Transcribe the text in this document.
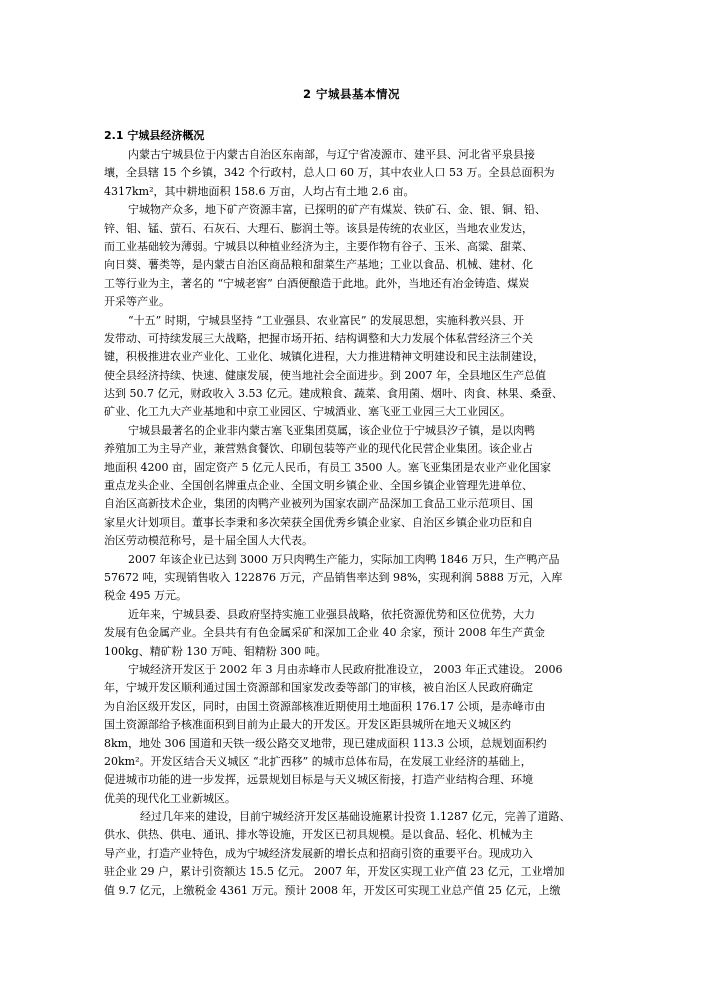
2 宁城县基本情况
2.1 宁城县经济概况
内蒙古宁城县位于内蒙古自治区东南部，与辽宁省凌源市、建平县、河北省平泉县接
壤，全县辖 15 个乡镇，342 个行政村，总人口 60 万，其中农业人口 53 万。全县总面积为
4317km²，其中耕地面积 158.6 万亩，人均占有土地 2.6 亩。
宁城物产众多，地下矿产资源丰富，已探明的矿产有煤炭、铁矿石、金、银、铜、铅、
锌、钼、锰、萤石、石灰石、大理石、膨润土等。该县是传统的农业区，当地农业发达，
而工业基础较为薄弱。宁城县以种植业经济为主，主要作物有谷子、玉米、高粱、甜菜、
向日葵、薯类等，是内蒙古自治区商品粮和甜菜生产基地；工业以食品、机械、建材、化
工等行业为主，著名的 “宁城老窖” 白酒便酿造于此地。此外，当地还有冶金铸造、煤炭
开采等产业。
“十五” 时期，宁城县坚持 “工业强县、农业富民” 的发展思想，实施科教兴县、开
发带动、可持续发展三大战略，把握市场开拓、结构调整和大力发展个体私营经济三个关
键，积极推进农业产业化、工业化、城镇化进程，大力推进精神文明建设和民主法制建设，
使全县经济持续、快速、健康发展，使当地社会全面进步。到 2007 年，全县地区生产总值
达到 50.7 亿元，财政收入 3.53 亿元。建成粮食、蔬菜、食用菌、烟叶、肉食、林果、桑蚕、
矿业、化工九大产业基地和中京工业园区、宁城酒业、塞飞亚工业园三大工业园区。
宁城县最著名的企业非内蒙古塞飞亚集团莫属，该企业位于宁城县汐子镇，是以肉鸭
养殖加工为主导产业，兼营熟食餐饮、印刷包装等产业的现代化民营企业集团。该企业占
地面积 4200 亩，固定资产 5 亿元人民币，有员工 3500 人。塞飞亚集团是农业产业化国家
重点龙头企业、全国创名牌重点企业、全国文明乡镇企业、全国乡镇企业管理先进单位、
自治区高新技术企业，集团的肉鸭产业被列为国家农副产品深加工食品工业示范项目、国
家星火计划项目。董事长李秉和多次荣获全国优秀乡镇企业家、自治区乡镇企业功臣和自
治区劳动模范称号，是十届全国人大代表。
2007 年该企业已达到 3000 万只肉鸭生产能力，实际加工肉鸭 1846 万只，生产鸭产品
57672 吨，实现销售收入 122876 万元，产品销售率达到 98%，实现利润 5888 万元，入库
税金 495 万元。
近年来，宁城县委、县政府坚持实施工业强县战略，依托资源优势和区位优势，大力
发展有色金属产业。全县共有有色金属采矿和深加工企业 40 余家，预计 2008 年生产黄金
100kg、精矿粉 130 万吨、钼精粉 300 吨。
宁城经济开发区于 2002 年 3 月由赤峰市人民政府批准设立， 2003 年正式建设。 2006
年，宁城开发区顺利通过国土资源部和国家发改委等部门的审核，被自治区人民政府确定
为自治区级开发区，同时，由国土资源部核准近期使用土地面积 176.17 公顷，是赤峰市由
国土资源部给予核准面积到目前为止最大的开发区。开发区距县城所在地天义城区约
8km，地处 306 国道和天铁一级公路交叉地带，现已建成面积 113.3 公顷，总规划面积约
20km²。开发区结合天义城区 “北扩西移” 的城市总体布局，在发展工业经济的基础上，
促进城市功能的进一步发挥，远景规划目标是与天义城区衔接，打造产业结构合理、环境
优美的现代化工业新城区。
经过几年来的建设，目前宁城经济开发区基础设施累计投资 1.1287 亿元，完善了道路、
供水、供热、供电、通讯、排水等设施，开发区已初具规模。是以食品、轻化、机械为主
导产业，打造产业特色，成为宁城经济发展新的增长点和招商引资的重要平台。现成功入
驻企业 29 户，累计引资额达 15.5 亿元。 2007 年，开发区实现工业产值 23 亿元，工业增加
值 9.7 亿元，上缴税金 4361 万元。预计 2008 年，开发区可实现工业总产值 25 亿元，上缴
